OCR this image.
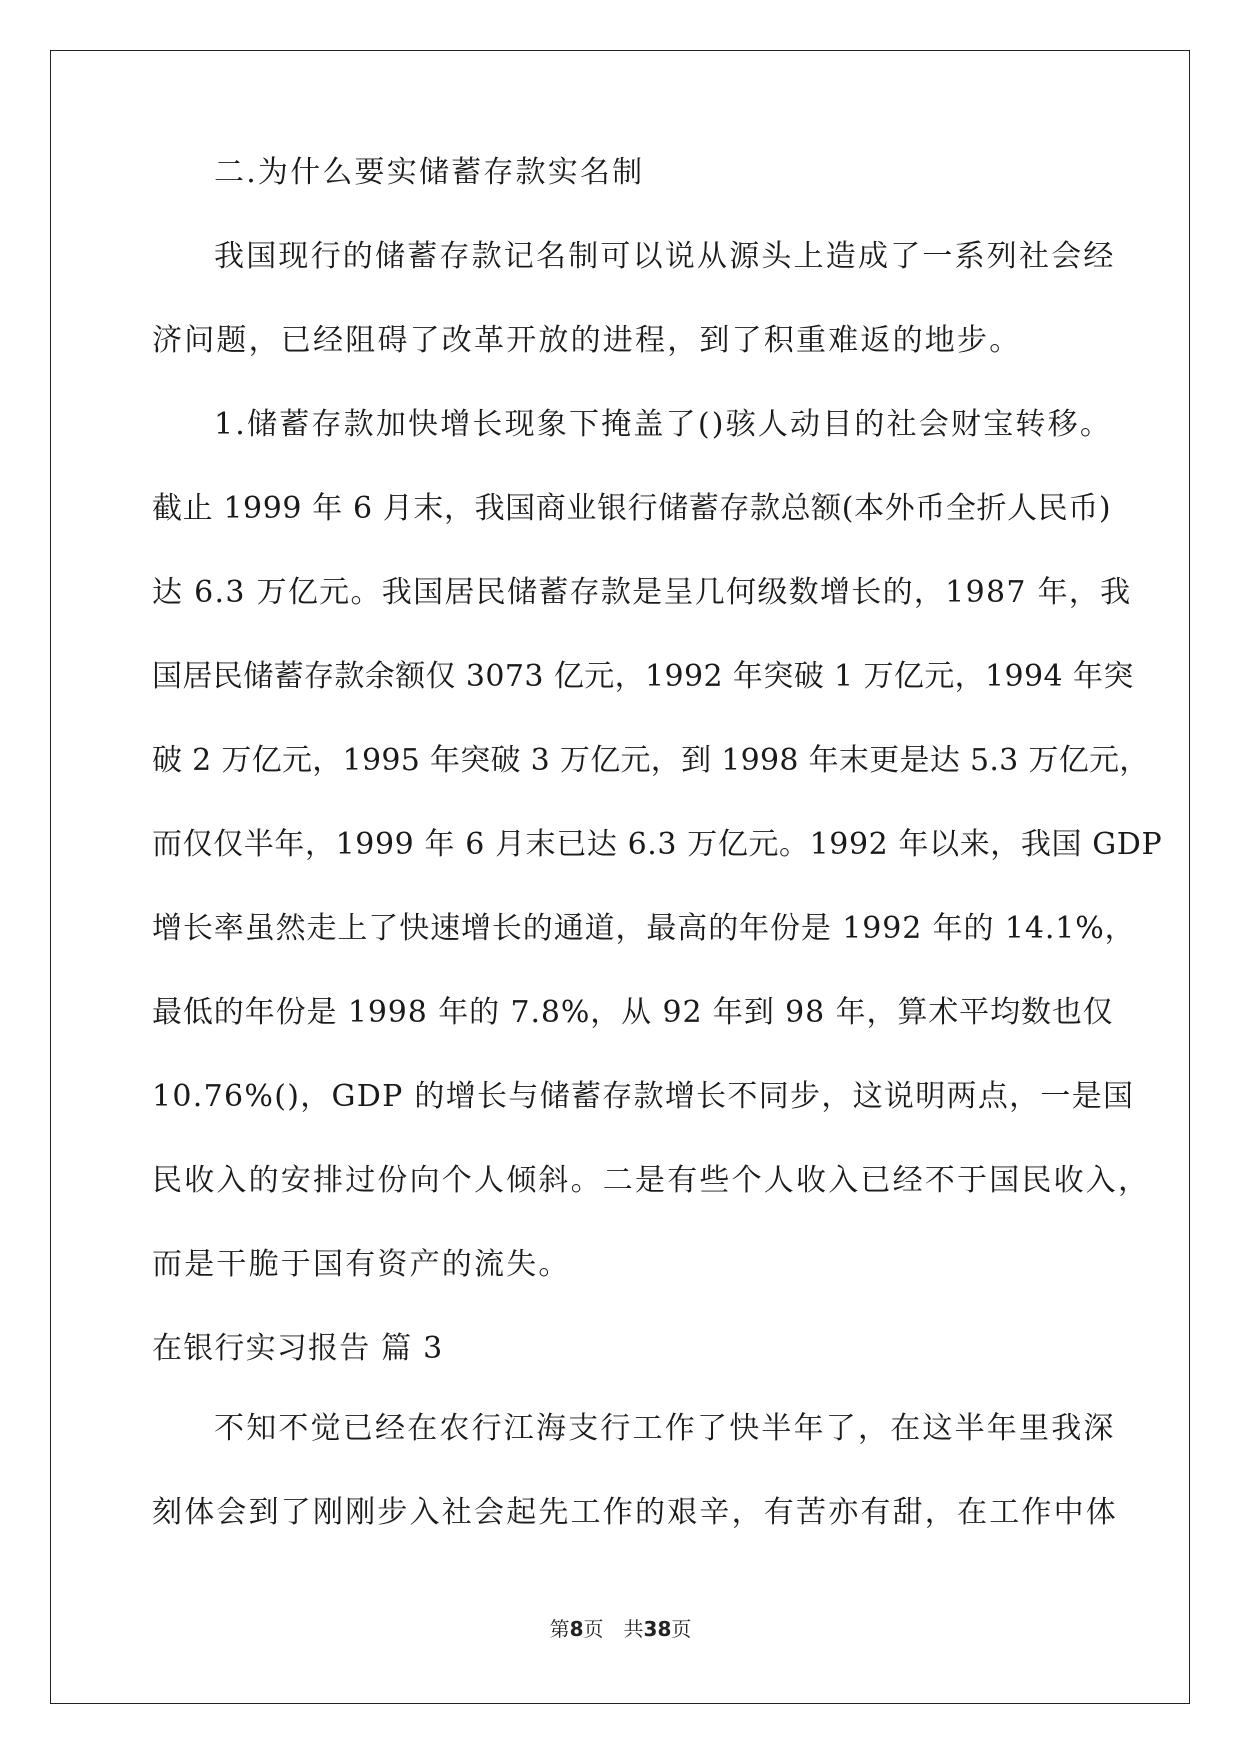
二.为什么要实储蓄存款实名制

我国现行的储蓄存款记名制可以说从源头上造成了一系列社会经

济问题，已经阻碍了改革开放的进程，到了积重难返的地步。

1.储蓄存款加快增长现象下掩盖了()骇人动目的社会财宝转移。

截止 1999 年 6 月末，我国商业银行储蓄存款总额(本外币全折人民币)

达 6.3 万亿元。我国居民储蓄存款是呈几何级数增长的，1987 年，我

国居民储蓄存款余额仅 3073 亿元，1992 年突破 1 万亿元，1994 年突

破 2 万亿元，1995 年突破 3 万亿元，到 1998 年末更是达 5.3 万亿元，

而仅仅半年，1999 年 6 月末已达 6.3 万亿元。1992 年以来，我国 GDP

增长率虽然走上了快速增长的通道，最高的年份是 1992 年的 14.1%，

最低的年份是 1998 年的 7.8%，从 92 年到 98 年，算术平均数也仅

10.76%()，GDP 的增长与储蓄存款增长不同步，这说明两点，一是国

民收入的安排过份向个人倾斜。二是有些个人收入已经不于国民收入，

而是干脆于国有资产的流失。

在银行实习报告 篇 3

不知不觉已经在农行江海支行工作了快半年了，在这半年里我深

刻体会到了刚刚步入社会起先工作的艰辛，有苦亦有甜，在工作中体

第8页　共38页
